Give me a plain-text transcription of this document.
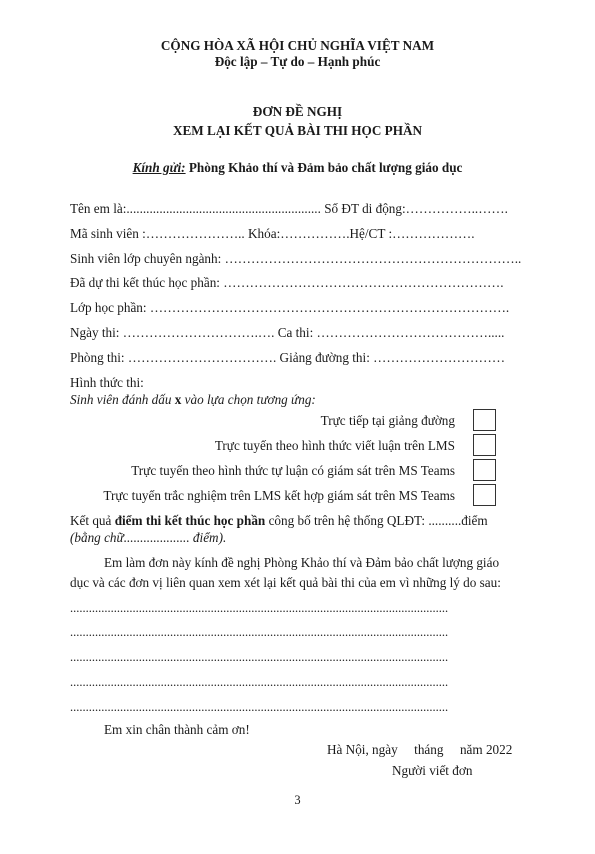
CỘNG HÒA XÃ HỘI CHỦ NGHĨA VIỆT NAM
Độc lập – Tự do – Hạnh phúc
ĐƠN ĐỀ NGHỊ
XEM LẠI KẾT QUẢ BÀI THI HỌC PHẦN
Kính gửi: Phòng Khảo thí và Đảm bảo chất lượng giáo dục
Tên em là:........................................................... Số ĐT di động:……………..…….
Mã sinh viên :………………….. Khóa:…………….Hệ/CT :……………….
Sinh viên lớp chuyên ngành: …………………………………………………………..
Đã dự thi kết thúc học phần: ……………………………………………………….
Lớp học phần: ……………………………………………………………………….
Ngày thi: ………………………….…. Ca thi: ………………………………….....
Phòng thi: ……………………………. Giảng đường thi: …………………………
Hình thức thi:
Sinh viên đánh dấu x vào lựa chọn tương ứng:
Trực tiếp tại giảng đường
Trực tuyến theo hình thức viết luận trên LMS
Trực tuyến theo hình thức tự luận có giám sát trên MS Teams
Trực tuyến trắc nghiệm trên LMS kết hợp giám sát trên MS Teams
Kết quả điểm thi kết thúc học phần công bố trên hệ thống QLĐT: ..........điểm
(bằng chữ.................... điểm).
Em làm đơn này kính đề nghị Phòng Khảo thí và Đảm bảo chất lượng giáo
dục và các đơn vị liên quan xem xét lại kết quả bài thi của em vì những lý do sau:
.........................................................................................................................
.........................................................................................................................
.........................................................................................................................
.........................................................................................................................
.........................................................................................................................
Em xin chân thành cảm ơn!
Hà Nội, ngày     tháng     năm 2022
Người viết đơn
3
